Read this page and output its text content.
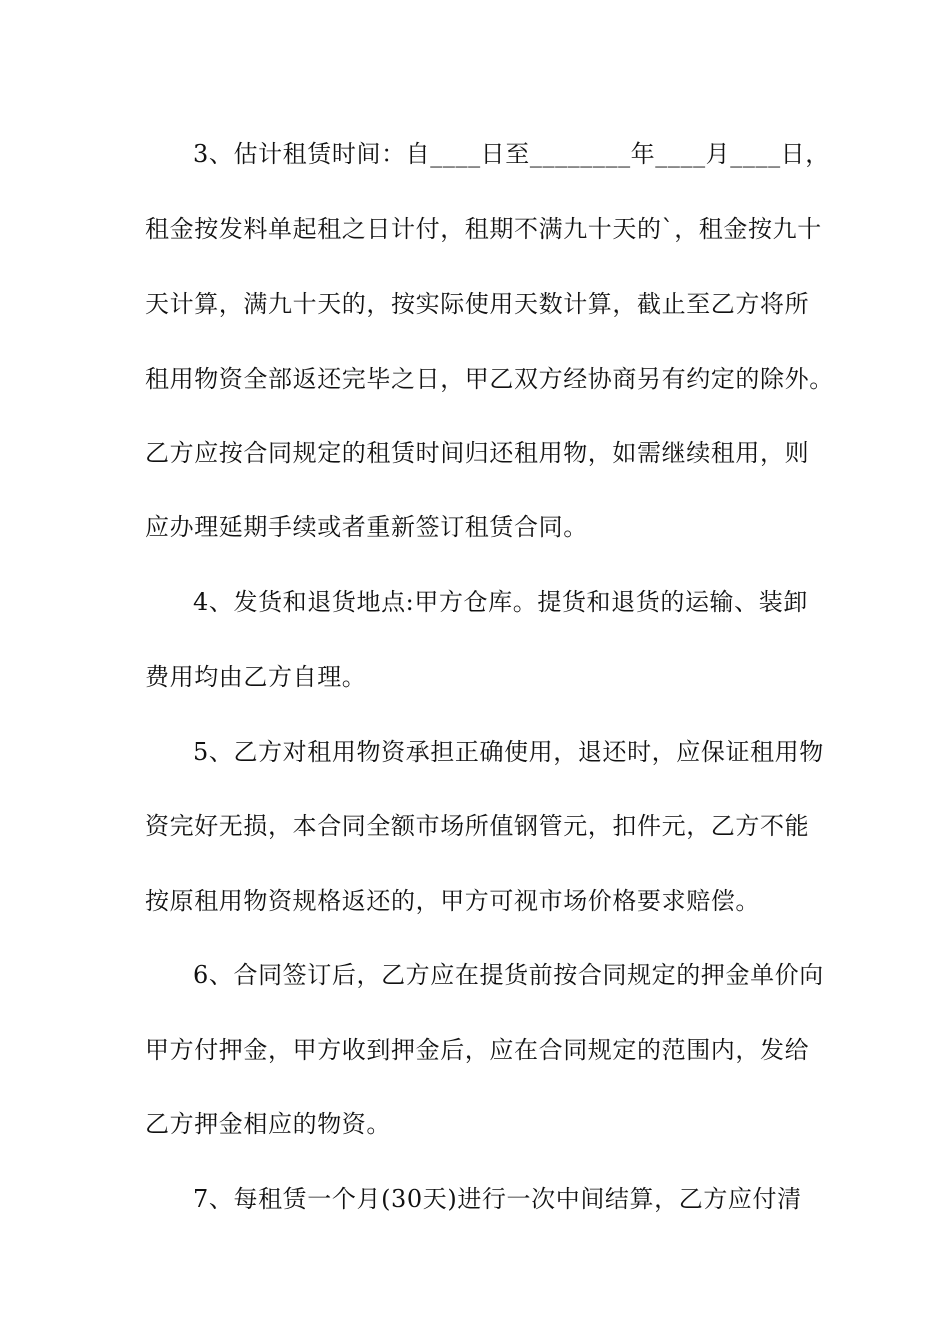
3、估计租赁时间：自____日至________年____月____日，
租金按发料单起租之日计付，租期不满九十天的`，租金按九十
天计算，满九十天的，按实际使用天数计算，截止至乙方将所
租用物资全部返还完毕之日，甲乙双方经协商另有约定的除外。
乙方应按合同规定的租赁时间归还租用物，如需继续租用，则
应办理延期手续或者重新签订租赁合同。
4、发货和退货地点:甲方仓库。提货和退货的运输、装卸
费用均由乙方自理。
5、乙方对租用物资承担正确使用，退还时，应保证租用物
资完好无损，本合同全额市场所值钢管元，扣件元，乙方不能
按原租用物资规格返还的，甲方可视市场价格要求赔偿。
6、合同签订后，乙方应在提货前按合同规定的押金单价向
甲方付押金，甲方收到押金后，应在合同规定的范围内，发给
乙方押金相应的物资。
7、每租赁一个月(30天)进行一次中间结算，乙方应付清
